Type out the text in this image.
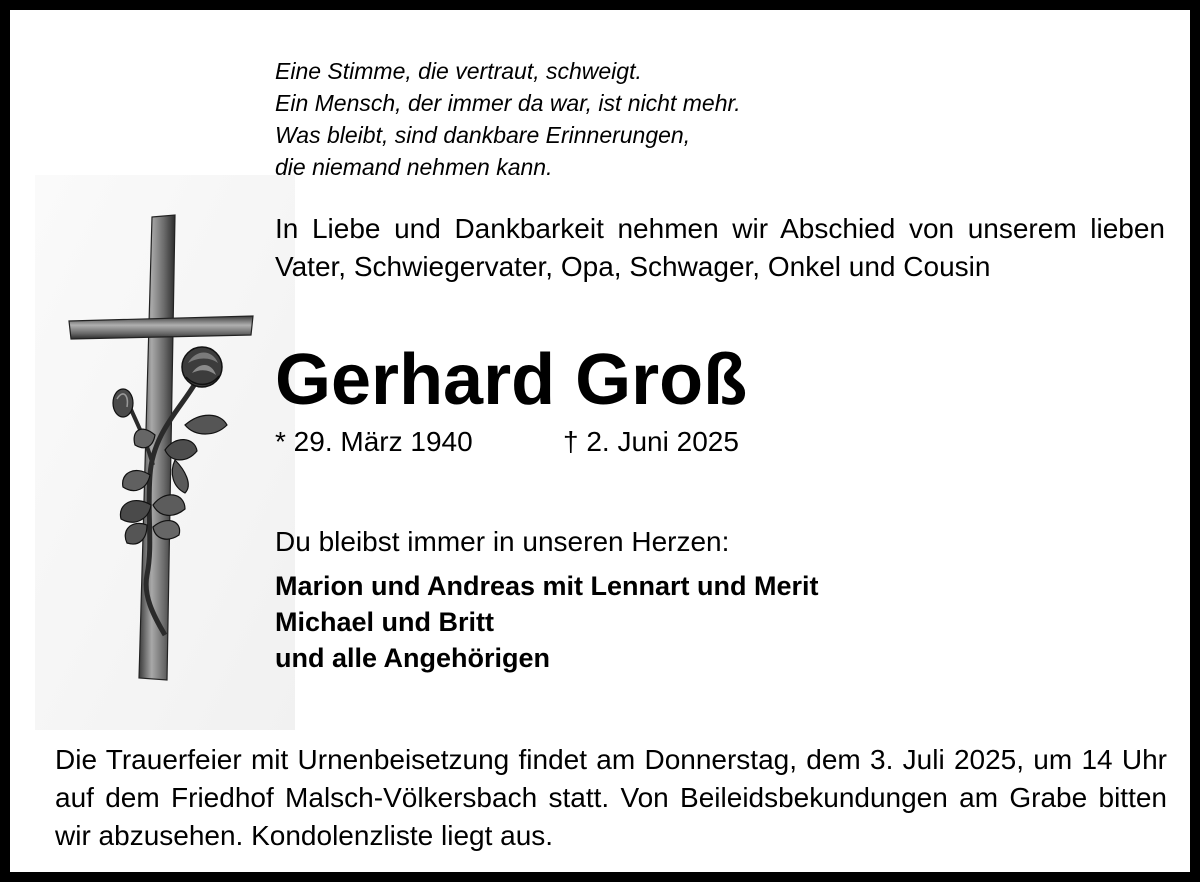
Eine Stimme, die vertraut, schweigt.
Ein Mensch, der immer da war, ist nicht mehr.
Was bleibt, sind dankbare Erinnerungen,
die niemand nehmen kann.
In Liebe und Dankbarkeit nehmen wir Abschied von unserem lieben Vater, Schwiegervater, Opa, Schwager, Onkel und Cousin
Gerhard Groß
* 29. März 1940	† 2. Juni 2025
Du bleibst immer in unseren Herzen:
Marion und Andreas mit Lennart und Merit
Michael und Britt
und alle Angehörigen
Die Trauerfeier mit Urnenbeisetzung findet am Donnerstag, dem 3. Juli 2025, um 14 Uhr auf dem Friedhof Malsch-Völkersbach statt. Von Beileidsbekundungen am Grabe bitten wir abzusehen. Kondolenzliste liegt aus.
